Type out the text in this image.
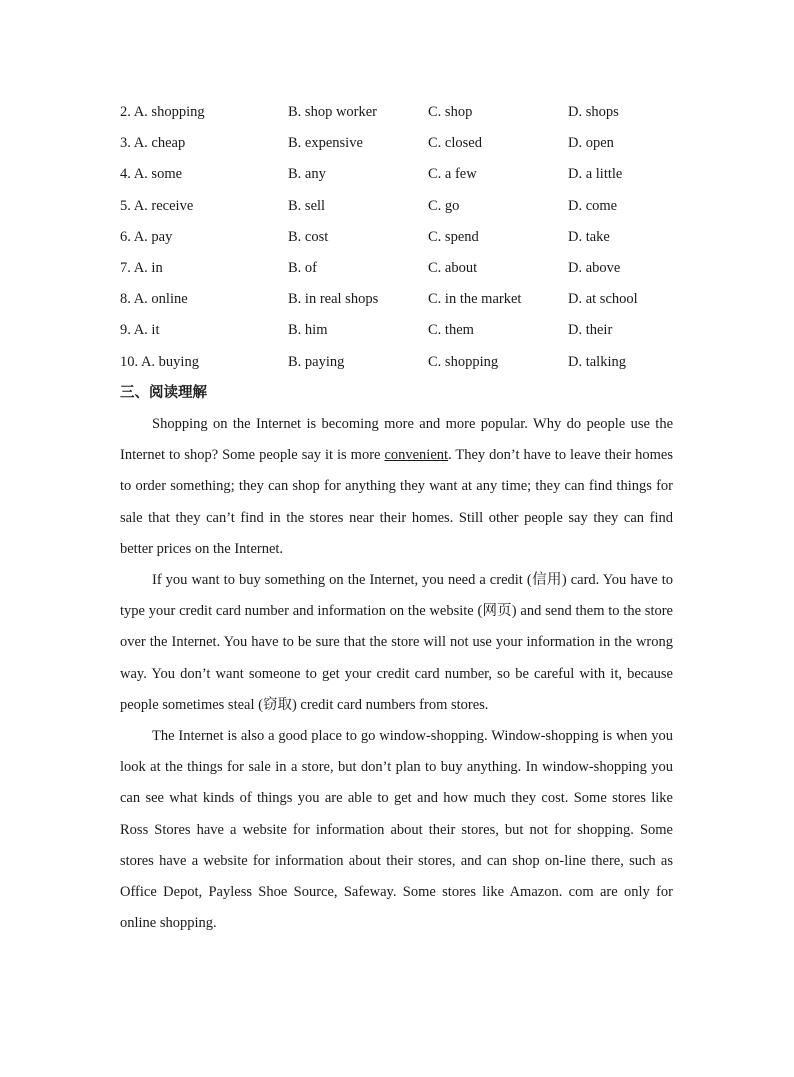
2. A. shopping	B. shop worker	C. shop	D. shops
3. A. cheap	B. expensive	C. closed	D. open
4. A. some	B. any	C. a few	D. a little
5. A. receive	B. sell	C. go	D. come
6. A. pay	B. cost	C. spend	D. take
7. A. in	B. of	C. about	D. above
8. A. online	B. in real shops	C. in the market	D. at school
9. A. it	B. him	C. them	D. their
10. A. buying	B. paying	C. shopping	D. talking
三、阅读理解

Shopping on the Internet is becoming more and more popular. Why do people use the Internet to shop? Some people say it is more convenient. They don’t have to leave their homes to order something; they can shop for anything they want at any time; they can find things for sale that they can’t find in the stores near their homes. Still other people say they can find better prices on the Internet.

If you want to buy something on the Internet, you need a credit (信用) card. You have to type your credit card number and information on the website (网页) and send them to the store over the Internet. You have to be sure that the store will not use your information in the wrong way. You don’t want someone to get your credit card number, so be careful with it, because people sometimes steal (窃取) credit card numbers from stores.

The Internet is also a good place to go window-shopping. Window-shopping is when you look at the things for sale in a store, but don’t plan to buy anything. In window-shopping you can see what kinds of things you are able to get and how much they cost. Some stores like Ross Stores have a website for information about their stores, but not for shopping. Some stores have a website for information about their stores, and can shop on-line there, such as Office Depot, Payless Shoe Source, Safeway. Some stores like Amazon. com are only for online shopping.
